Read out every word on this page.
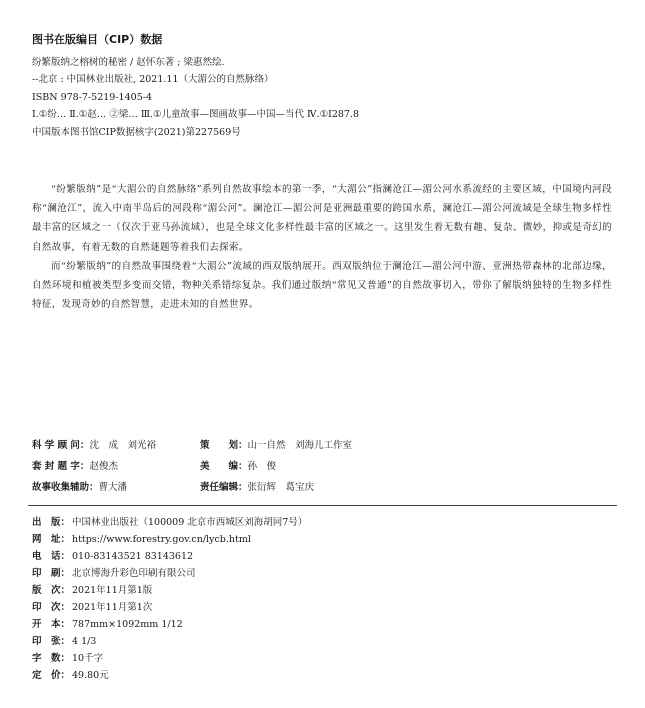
图书在版编目（CIP）数据
纷繁版纳之榕树的秘密 / 赵怀东著 ; 梁惠然绘.
--北京 : 中国林业出版社, 2021.11（大湄公的自然脉络）
ISBN 978-7-5219-1405-4
Ⅰ.①纷… Ⅱ.①赵… ②梁… Ⅲ.①儿童故事—图画故事—中国—当代 Ⅳ.①I287.8
中国版本图书馆CIP数据核字(2021)第227569号

“纷繁版纳”是“大湄公的自然脉络”系列自然故事绘本的第一季，“大湄公”指澜沧江—湄公河水系流经的主要区域，中国境内河段称“澜沧江”，流入中南半岛后的河段称“湄公河”。澜沧江—湄公河是亚洲最重要的跨国水系，澜沧江—湄公河流域是全球生物多样性最丰富的区域之一（仅次于亚马孙流域），也是全球文化多样性最丰富的区域之一。这里发生着无数有趣、复杂、微妙，抑或是奇幻的自然故事，有着无数的自然谜题等着我们去探索。

而“纷繁版纳”的自然故事围绕着“大湄公”流域的西双版纳展开。西双版纳位于澜沧江—湄公河中游、亚洲热带森林的北部边缘，自然环境和植被类型多变而交错，物种关系错综复杂。我们通过版纳“常见又普通”的自然故事切入，带你了解版纳独特的生物多样性特征，发现奇妙的自然智慧，走进未知的自然世界。

科 学 顾 问：沈　成　刘光裕	策　　划：山一自然　刘海儿工作室
套 封 题 字：赵俊杰	美　　编：孙　俊
故事收集辅助：曹大潘	责任编辑：张衍辉　葛宝庆
出　版： 中国林业出版社（100009 北京市西城区刘海胡同7号）
网　址： https://www.forestry.gov.cn/lycb.html
电　话： 010-83143521 83143612
印　刷： 北京博海升彩色印刷有限公司
版　次： 2021年11月第1版
印　次： 2021年11月第1次
开　本： 787mm×1092mm 1/12
印　张： 4 1/3
字　数： 10千字
定　价： 49.80元
